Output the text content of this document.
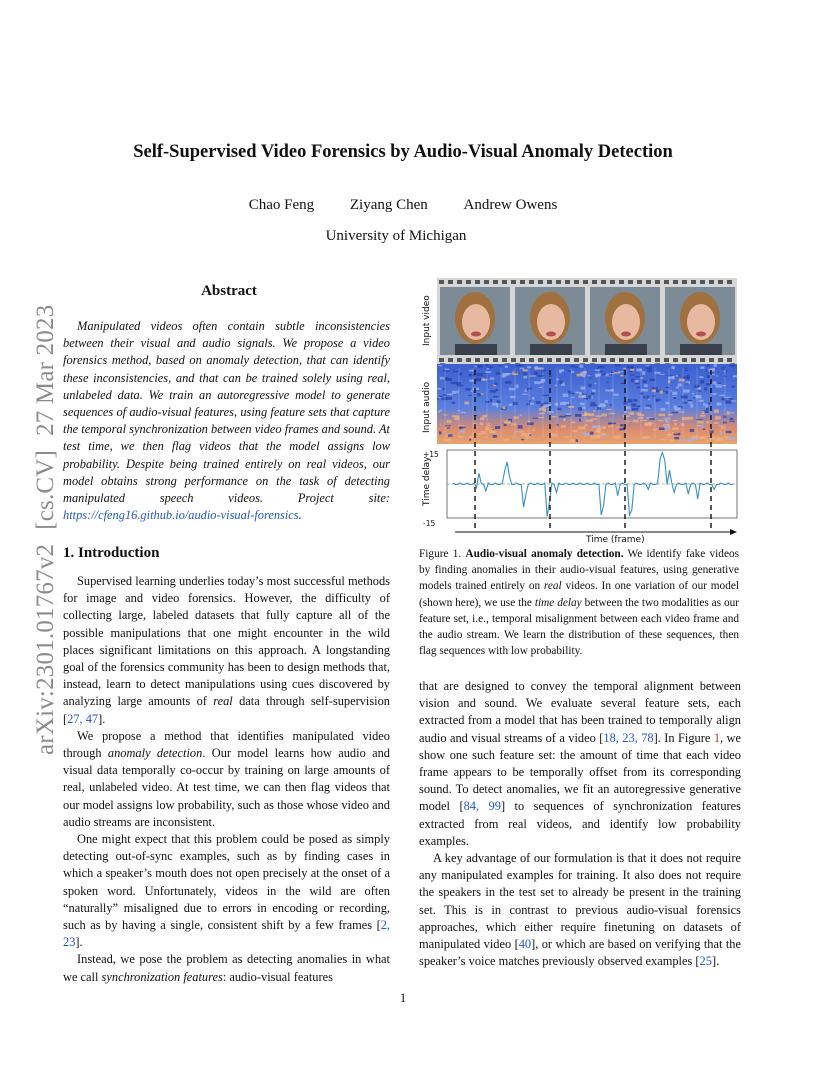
arXiv:2301.01767v2[cs.CV]27 Mar 2023
Self-Supervised Video Forensics by Audio-Visual Anomaly Detection
Chao Feng Ziyang Chen Andrew Owens
University of Michigan
Abstract
Manipulated videos often contain subtle inconsistencies between their visual and audio signals. We propose a video forensics method, based on anomaly detection, that can identify these inconsistencies, and that can be trained solely using real, unlabeled data. We train an autoregressive model to generate sequences of audio-visual features, using feature sets that capture the temporal synchronization between video frames and sound. At test time, we then flag videos that the model assigns low probability. Despite being trained entirely on real videos, our model obtains strong performance on the task of detecting manipulated speech videos. Project site: https://cfeng16.github.io/audio-visual-forensics.
1. Introduction

Supervised learning underlies today’s most successful methods for image and video forensics. However, the difficulty of collecting large, labeled datasets that fully capture all of the possible manipulations that one might encounter in the wild places significant limitations on this approach. A longstanding goal of the forensics community has been to design methods that, instead, learn to detect manipulations using cues discovered by analyzing large amounts of real data through self-supervision [27, 47].

We propose a method that identifies manipulated video through anomaly detection. Our model learns how audio and visual data temporally co-occur by training on large amounts of real, unlabeled video. At test time, we can then flag videos that our model assigns low probability, such as those whose video and audio streams are inconsistent.

One might expect that this problem could be posed as simply detecting out-of-sync examples, such as by finding cases in which a speaker’s mouth does not open precisely at the onset of a spoken word. Unfortunately, videos in the wild are often “naturally” misaligned due to errors in encoding or recording, such as by having a single, consistent shift by a few frames [2, 23].

Instead, we pose the problem as detecting anomalies in what we call synchronization features: audio-visual features

Input video
Input audio
Time delay
+15
-15
Time (frame)
Figure 1. Audio-visual anomaly detection. We identify fake videos by finding anomalies in their audio-visual features, using generative models trained entirely on real videos. In one variation of our model (shown here), we use the time delay between the two modalities as our feature set, i.e., temporal misalignment between each video frame and the audio stream. We learn the distribution of these sequences, then flag sequences with low probability.

that are designed to convey the temporal alignment between vision and sound. We evaluate several feature sets, each extracted from a model that has been trained to temporally align audio and visual streams of a video [18, 23, 78]. In Figure 1, we show one such feature set: the amount of time that each video frame appears to be temporally offset from its corresponding sound. To detect anomalies, we fit an autoregressive generative model [84, 99] to sequences of synchronization features extracted from real videos, and identify low probability examples.

A key advantage of our formulation is that it does not require any manipulated examples for training. It also does not require the speakers in the test set to already be present in the training set. This is in contrast to previous audio-visual forensics approaches, which either require finetuning on datasets of manipulated video [40], or which are based on verifying that the speaker’s voice matches previously observed examples [25].

1
